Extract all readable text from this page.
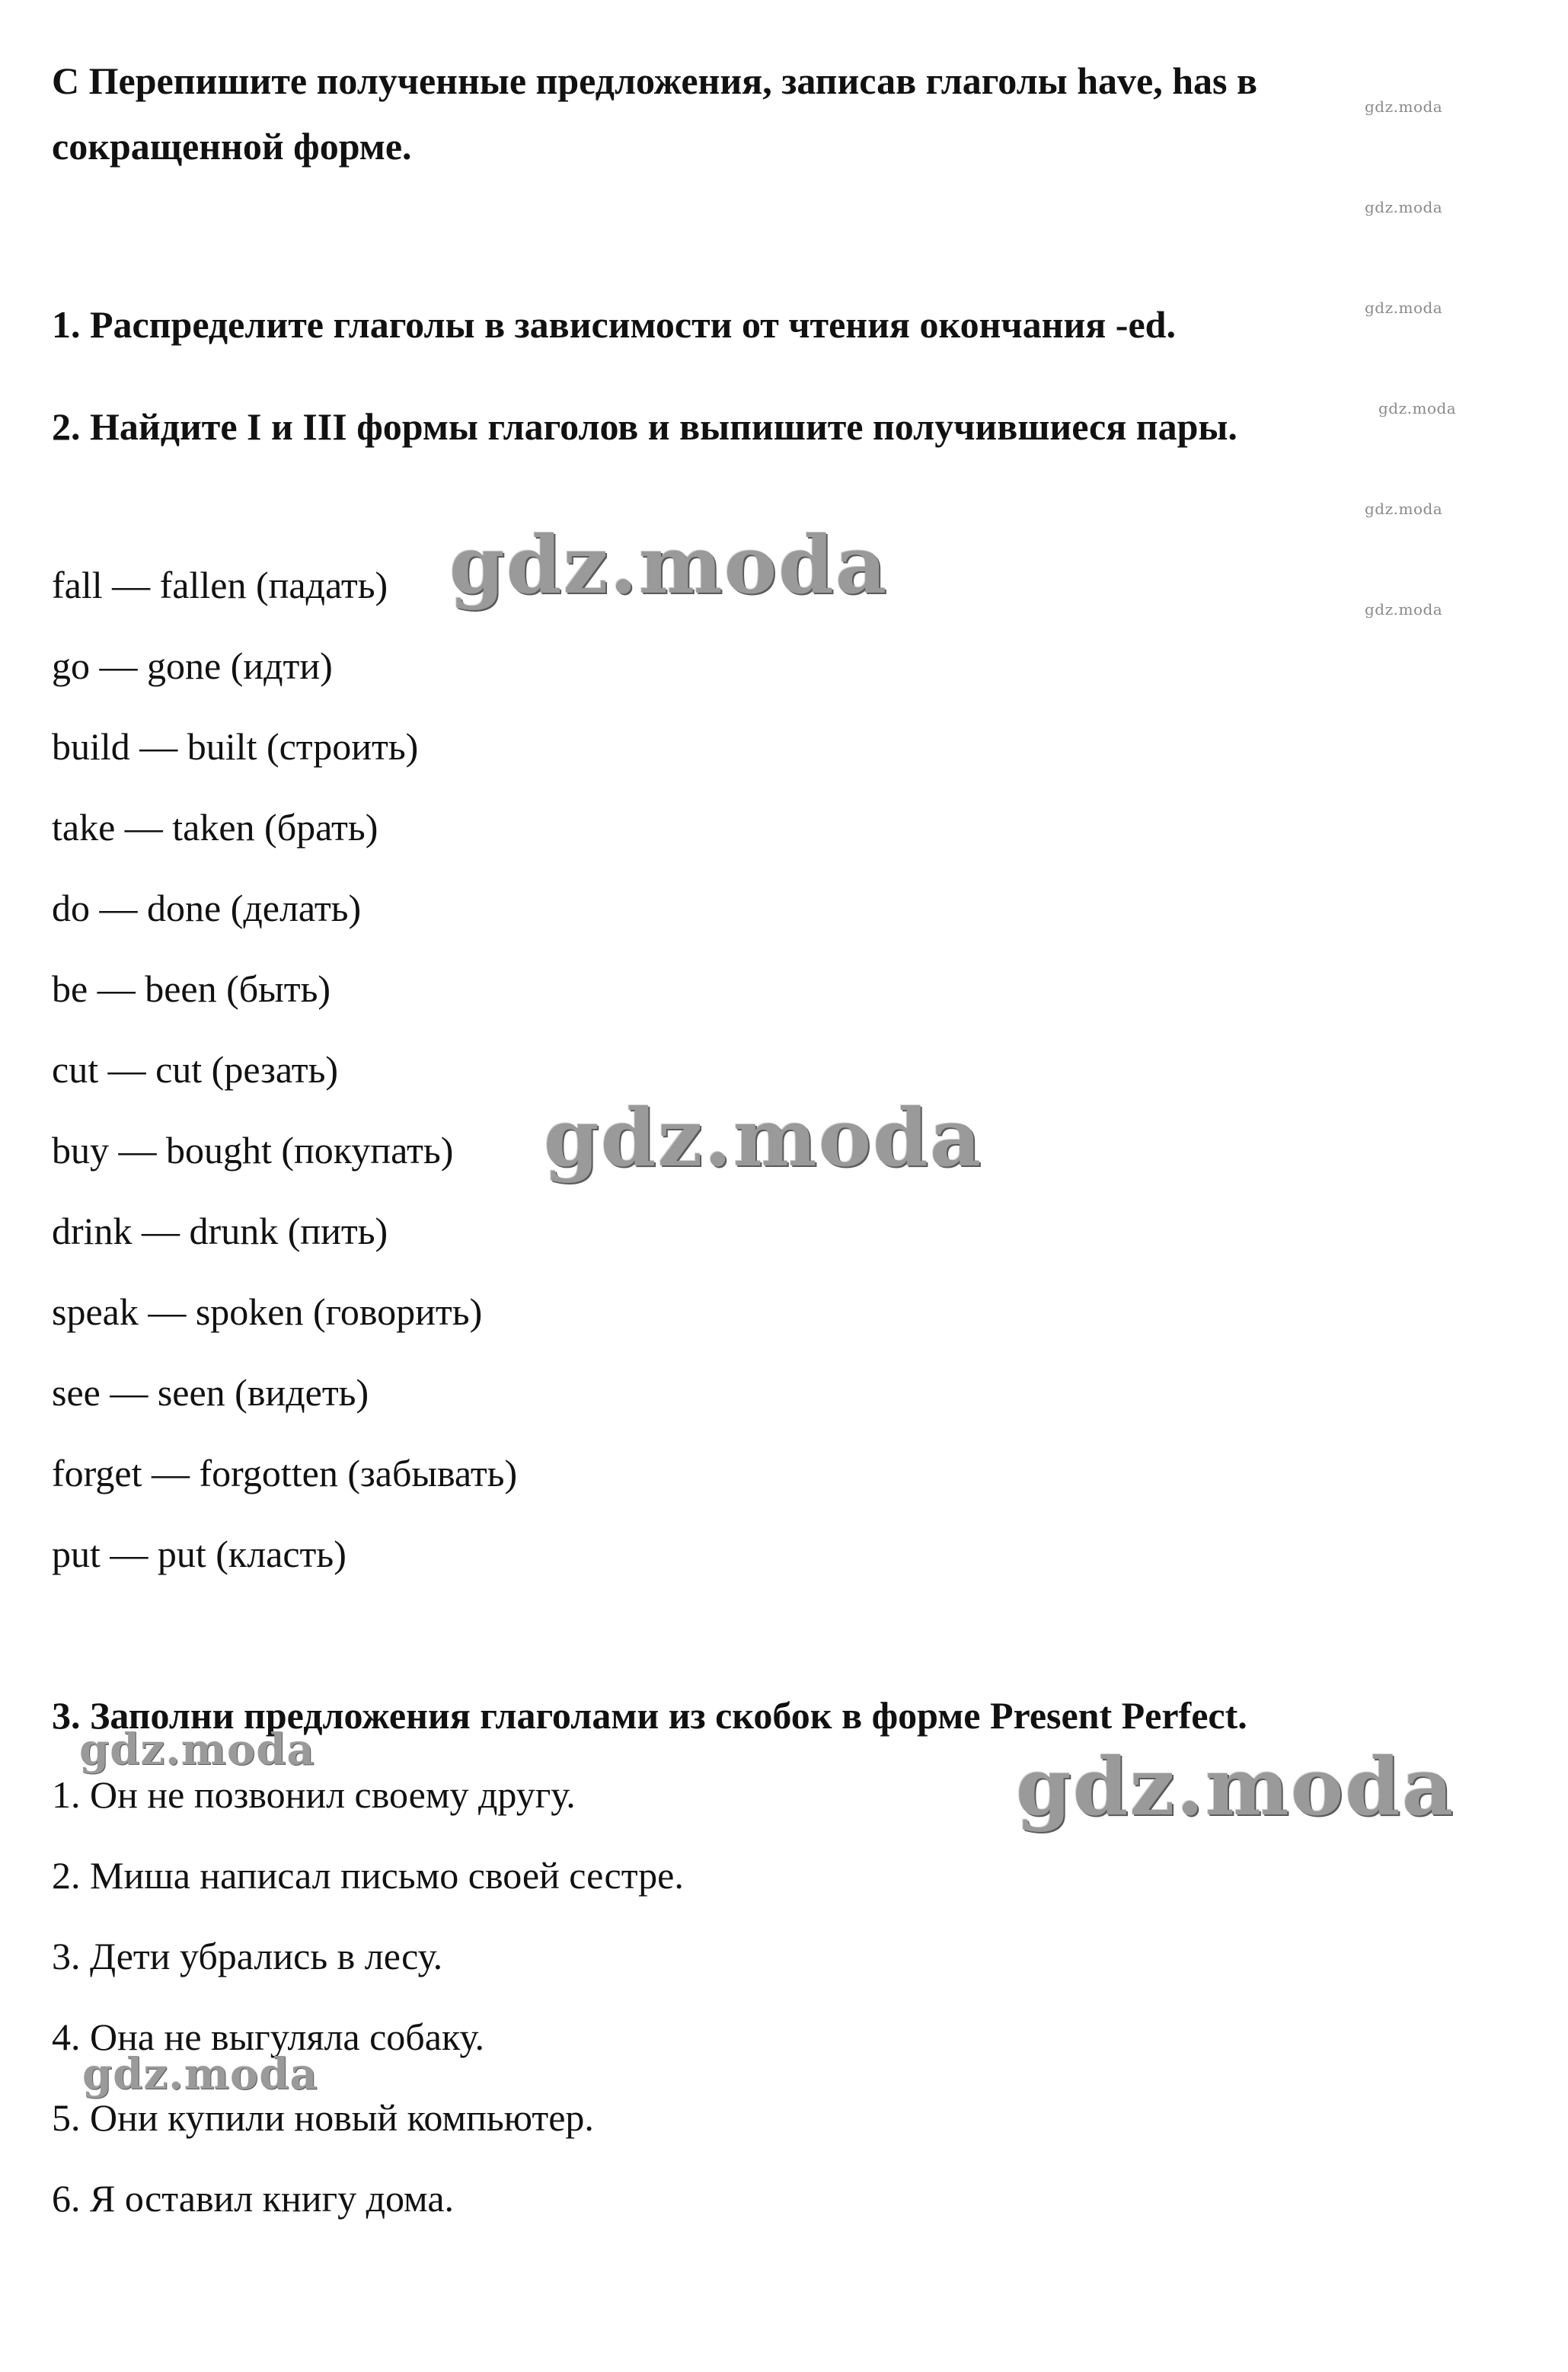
С Перепишите полученные предложения, записав глаголы have, has в

сокращенной форме.

1. Распределите глаголы в зависимости от чтения окончания -ed.

2. Найдите I и III формы глаголов и выпишите получившиеся пары.

fall — fallen (падать)

go — gone (идти)

build — built (строить)

take — taken (брать)

do — done (делать)

be — been (быть)

cut — cut (резать)

buy — bought (покупать)

drink — drunk (пить)

speak — spoken (говорить)

see — seen (видеть)

forget — forgotten (забывать)

put — put (класть)

3. Заполни предложения глаголами из скобок в форме Present Perfect.

1. Он не позвонил своему другу.

2. Миша написал письмо своей сестре.

3. Дети убрались в лесу.

4. Она не выгуляла собаку.

5. Они купили новый компьютер.

6. Я оставил книгу дома.

gdz.moda
gdz.moda
gdz.moda
gdz.moda
gdz.moda
gdz.moda
gdz.moda
gdz.moda
gdz.moda
gdz.moda
gdz.moda
